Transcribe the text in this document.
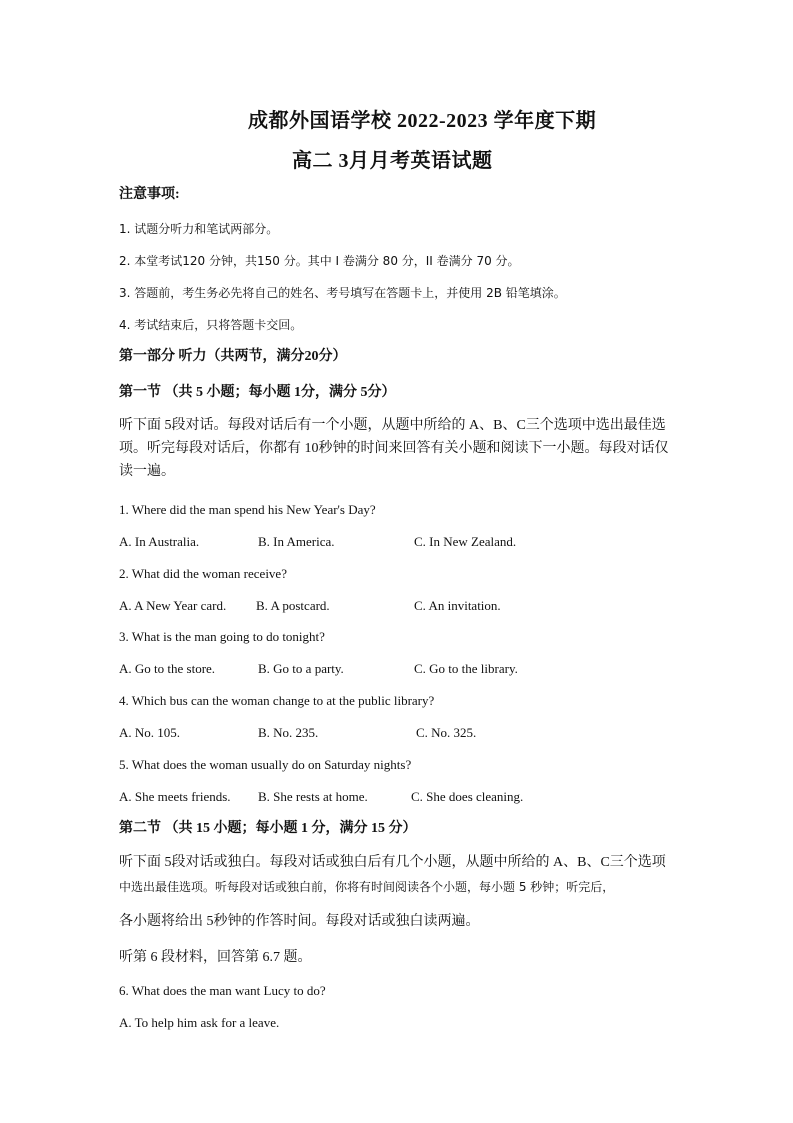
成都外国语学校 2022-2023 学年度下期
高二 3月月考英语试题
注意事项:
1. 试题分听力和笔试两部分。
2. 本堂考试120 分钟，共150 分。其中 I 卷满分 80 分，II 卷满分 70 分。
3. 答题前，考生务必先将自己的姓名、考号填写在答题卡上，并使用 2B 铅笔填涂。
4. 考试结束后，只将答题卡交回。
第一部分 听力（共两节，满分20分）
第一节 （共 5 小题；每小题 1分，满分 5分）
听下面 5段对话。每段对话后有一个小题，从题中所给的 A、B、C三个选项中选出最佳选项。听完每段对话后，你都有 10秒钟的时间来回答有关小题和阅读下一小题。每段对话仅读一遍。
1. Where did the man spend his New Year's Day?
A. In Australia.	B. In America.	C. In New Zealand.
2. What did the woman receive?
A. A New Year card. B. A postcard.	C. An invitation.
3. What is the man going to do tonight?
A. Go to the store.	B. Go to a party.	C. Go to the library.
4. Which bus can the woman change to at the public library?
A. No. 105.	B. No. 235.	C. No. 325.
5. What does the woman usually do on Saturday nights?
A. She meets friends. B. She rests at home.	C. She does cleaning.
第二节 （共 15 小题；每小题 1 分，满分 15 分）
听下面 5段对话或独白。每段对话或独白后有几个小题，从题中所给的 A、B、C三个选项
中选出最佳选项。听每段对话或独白前，你将有时间阅读各个小题，每小题 5 秒钟；听完后，
各小题将给出 5秒钟的作答时间。每段对话或独白读两遍。
听第 6 段材料，回答第 6.7 题。
6. What does the man want Lucy to do?
A. To help him ask for a leave.
